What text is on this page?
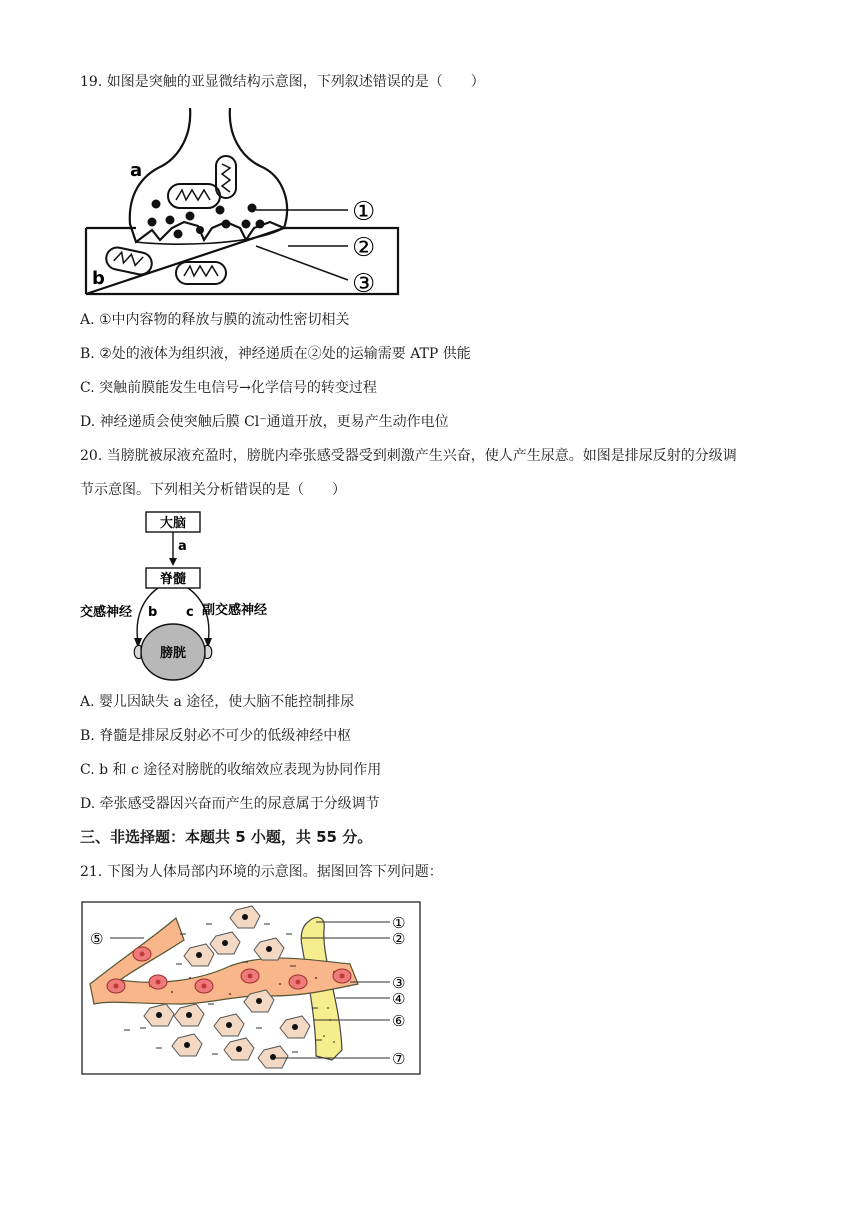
19. 如图是突触的亚显微结构示意图，下列叙述错误的是（　　）
a
b
①
②
③
A. ①中内容物的释放与膜的流动性密切相关
B. ②处的液体为组织液，神经递质在②处的运输需要 ATP 供能
C. 突触前膜能发生电信号→化学信号的转变过程
D. 神经递质会使突触后膜 Cl⁻通道开放，更易产生动作电位
20. 当膀胱被尿液充盈时，膀胱内牵张感受器受到刺激产生兴奋，使人产生尿意。如图是排尿反射的分级调
节示意图。下列相关分析错误的是（　　）
大脑
a
脊髓
b c
交感神经	副交感神经
膀胱
A. 婴儿因缺失 a 途径，使大脑不能控制排尿
B. 脊髓是排尿反射必不可少的低级神经中枢
C. b 和 c 途径对膀胱的收缩效应表现为协同作用
D. 牵张感受器因兴奋而产生的尿意属于分级调节
三、非选择题：本题共 5 小题，共 55 分。
21. 下图为人体局部内环境的示意图。据图回答下列问题：
⑤
①
②
③
④
⑥
⑦
